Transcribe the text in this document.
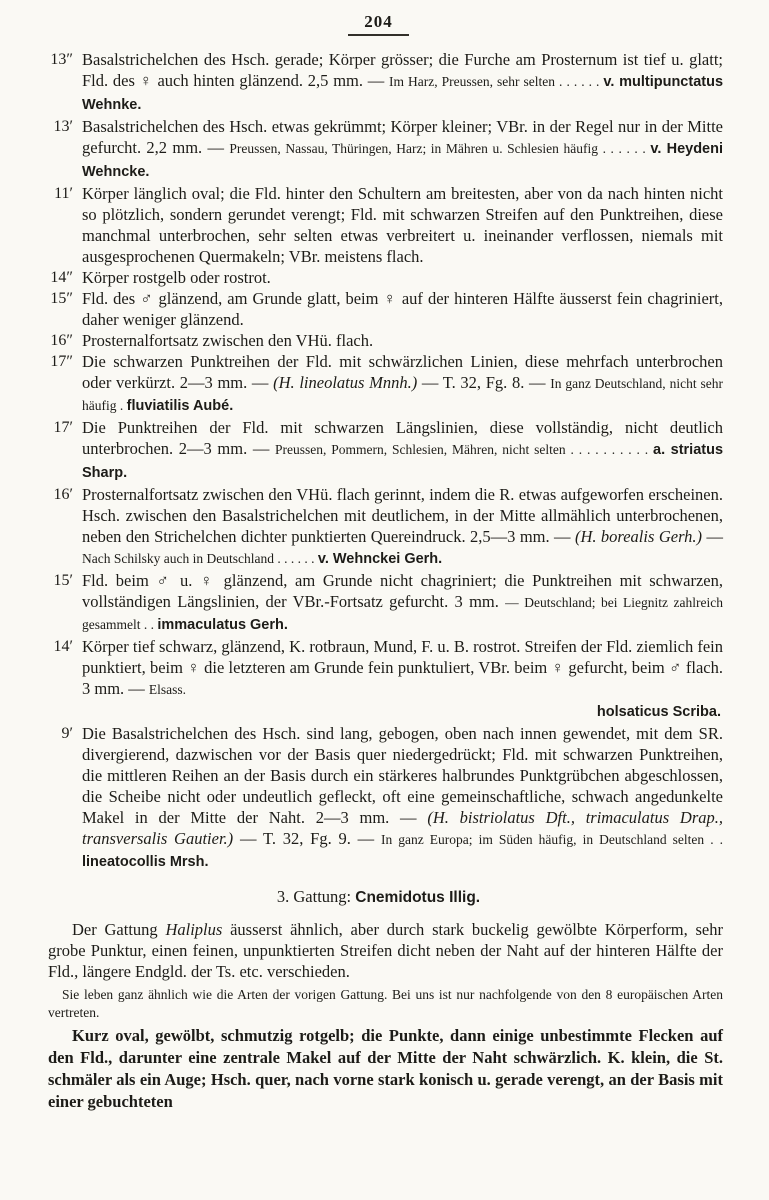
204
13″ Basalstrichelchen des Hsch. gerade; Körper grösser; die Furche am Prosternum ist tief u. glatt; Fld. des ♀ auch hinten glänzend. 2,5 mm. — Im Harz, Preussen, sehr selten . . . . . . v. multipunctatus Wehnke.
13′ Basalstrichelchen des Hsch. etwas gekrümmt; Körper kleiner; VBr. in der Regel nur in der Mitte gefurcht. 2,2 mm. — Preussen, Nassau, Thüringen, Harz; in Mähren u. Schlesien häufig . . . . . . v. Heydeni Wehncke.
11′ Körper länglich oval; die Fld. hinter den Schultern am breitesten, aber von da nach hinten nicht so plötzlich, sondern gerundet verengt; Fld. mit schwarzen Streifen auf den Punktreihen, diese manchmal unterbrochen, sehr selten etwas verbreitert u. ineinander verflossen, niemals mit ausgesprochenen Quermakeln; VBr. meistens flach.
14″ Körper rostgelb oder rostrot.
15″ Fld. des ♂ glänzend, am Grunde glatt, beim ♀ auf der hinteren Hälfte äusserst fein chagriniert, daher weniger glänzend.
16″ Prosternalfortsatz zwischen den VHü. flach.
17″ Die schwarzen Punktreihen der Fld. mit schwärzlichen Linien, diese mehrfach unterbrochen oder verkürzt. 2—3 mm. — (H. lineolatus Mnnh.) — T. 32, Fg. 8. — In ganz Deutschland, nicht sehr häufig . fluviatilis Aubé.
17′ Die Punktreihen der Fld. mit schwarzen Längslinien, diese vollständig, nicht deutlich unterbrochen. 2—3 mm. — Preussen, Pommern, Schlesien, Mähren, nicht selten . . . . . . . . . . a. striatus Sharp.
16′ Prosternalfortsatz zwischen den VHü. flach gerinnt, indem die R. etwas aufgeworfen erscheinen. Hsch. zwischen den Basalstrichelchen mit deutlichem, in der Mitte allmählich unterbrochenen, neben den Strichelchen dichter punktierten Quereindruck. 2,5—3 mm. — (H. borealis Gerh.) — Nach Schilsky auch in Deutschland . . . . . . v. Wehnckei Gerh.
15′ Fld. beim ♂ u. ♀ glänzend, am Grunde nicht chagriniert; die Punktreihen mit schwarzen, vollständigen Längslinien, der VBr.-Fortsatz gefurcht. 3 mm. — Deutschland; bei Liegnitz zahlreich gesammelt . . immaculatus Gerh.
14′ Körper tief schwarz, glänzend, K. rotbraun, Mund, F. u. B. rostrot. Streifen der Fld. ziemlich fein punktiert, beim ♀ die letzteren am Grunde fein punktuliert, VBr. beim ♀ gefurcht, beim ♂ flach. 3 mm. — Elsass.
holsaticus Scriba.
9′ Die Basalstrichelchen des Hsch. sind lang, gebogen, oben nach innen gewendet, mit dem SR. divergierend, dazwischen vor der Basis quer niedergedrückt; Fld. mit schwarzen Punktreihen, die mittleren Reihen an der Basis durch ein stärkeres halbrundes Punktgrübchen abgeschlossen, die Scheibe nicht oder undeutlich gefleckt, oft eine gemeinschaftliche, schwach angedunkelte Makel in der Mitte der Naht. 2—3 mm. — (H. bistriolatus Dft., trimaculatus Drap., transversalis Gautier.) — T. 32, Fg. 9. — In ganz Europa; im Süden häufig, in Deutschland selten . . lineatocollis Mrsh.
3. Gattung: Cnemidotus Illig.

Der Gattung Haliplus äusserst ähnlich, aber durch stark buckelig gewölbte Körperform, sehr grobe Punktur, einen feinen, unpunktierten Streifen dicht neben der Naht auf der hinteren Hälfte der Fld., längere Endgld. der Ts. etc. verschieden.

Sie leben ganz ähnlich wie die Arten der vorigen Gattung. Bei uns ist nur nachfolgende von den 8 europäischen Arten vertreten.

Kurz oval, gewölbt, schmutzig rotgelb; die Punkte, dann einige unbestimmte Flecken auf den Fld., darunter eine zentrale Makel auf der Mitte der Naht schwärzlich. K. klein, die St. schmäler als ein Auge; Hsch. quer, nach vorne stark konisch u. gerade verengt, an der Basis mit einer gebuchteten
